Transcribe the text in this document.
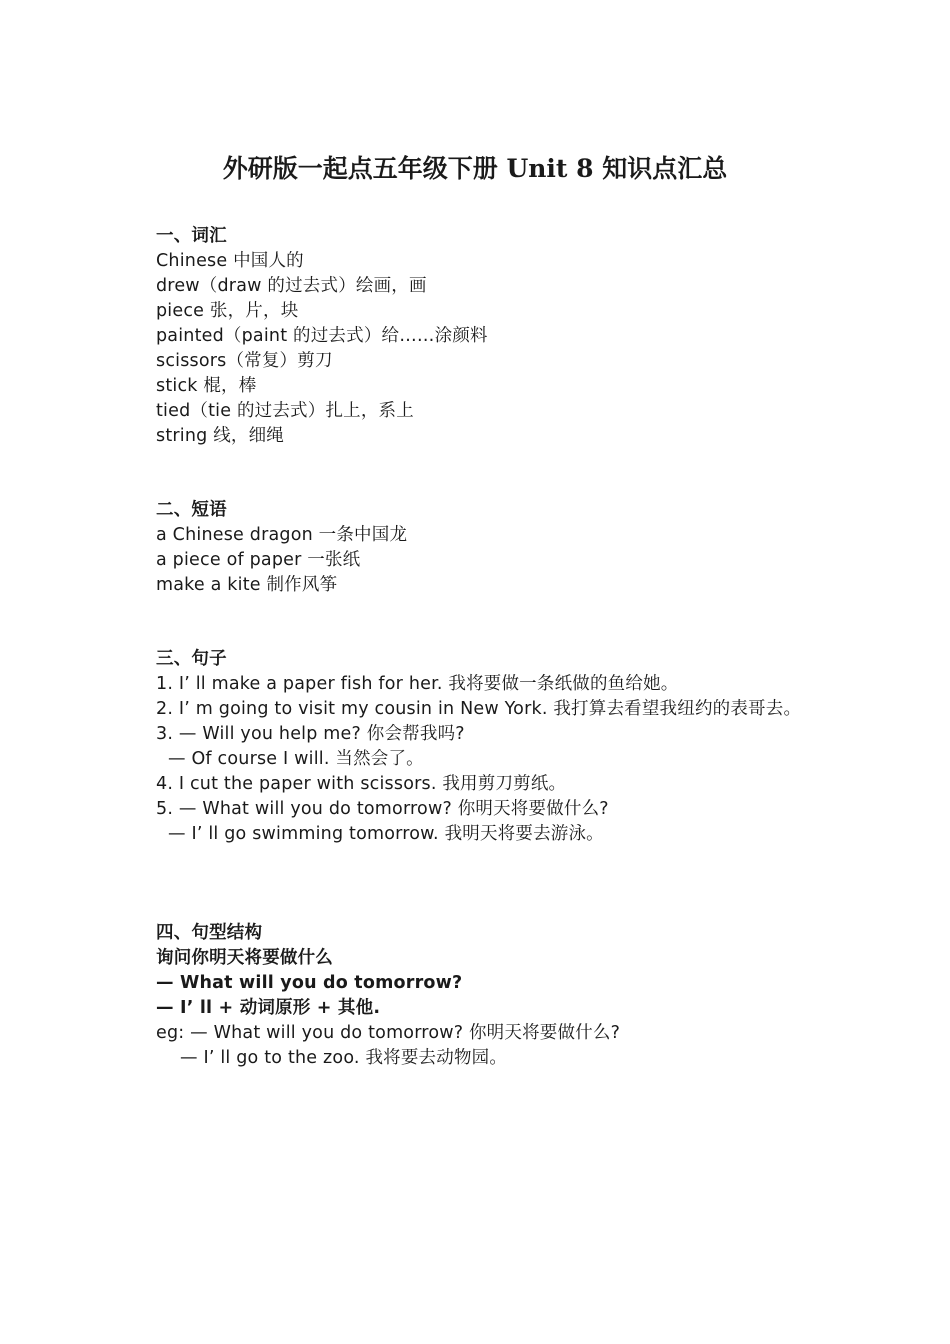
外研版一起点五年级下册 Unit 8 知识点汇总
一、词汇
Chinese 中国人的
drew（draw 的过去式）绘画，画
piece 张，片，块
painted（paint 的过去式）给……涂颜料
scissors（常复）剪刀
stick 棍，棒
tied（tie 的过去式）扎上，系上
string 线，细绳
二、短语
a Chinese dragon 一条中国龙
a piece of paper 一张纸
make a kite 制作风筝
三、句子
1. I’ ll make a paper fish for her. 我将要做一条纸做的鱼给她。
2. I’ m going to visit my cousin in New York. 我打算去看望我纽约的表哥去。
3. — Will you help me? 你会帮我吗?
— Of course I will. 当然会了。
4. I cut the paper with scissors. 我用剪刀剪纸。
5. — What will you do tomorrow? 你明天将要做什么?
— I’ ll go swimming tomorrow. 我明天将要去游泳。
四、句型结构
询问你明天将要做什么
— What will you do tomorrow?
— I’ ll + 动词原形 + 其他.
eg: — What will you do tomorrow? 你明天将要做什么?
— I’ ll go to the zoo. 我将要去动物园。
